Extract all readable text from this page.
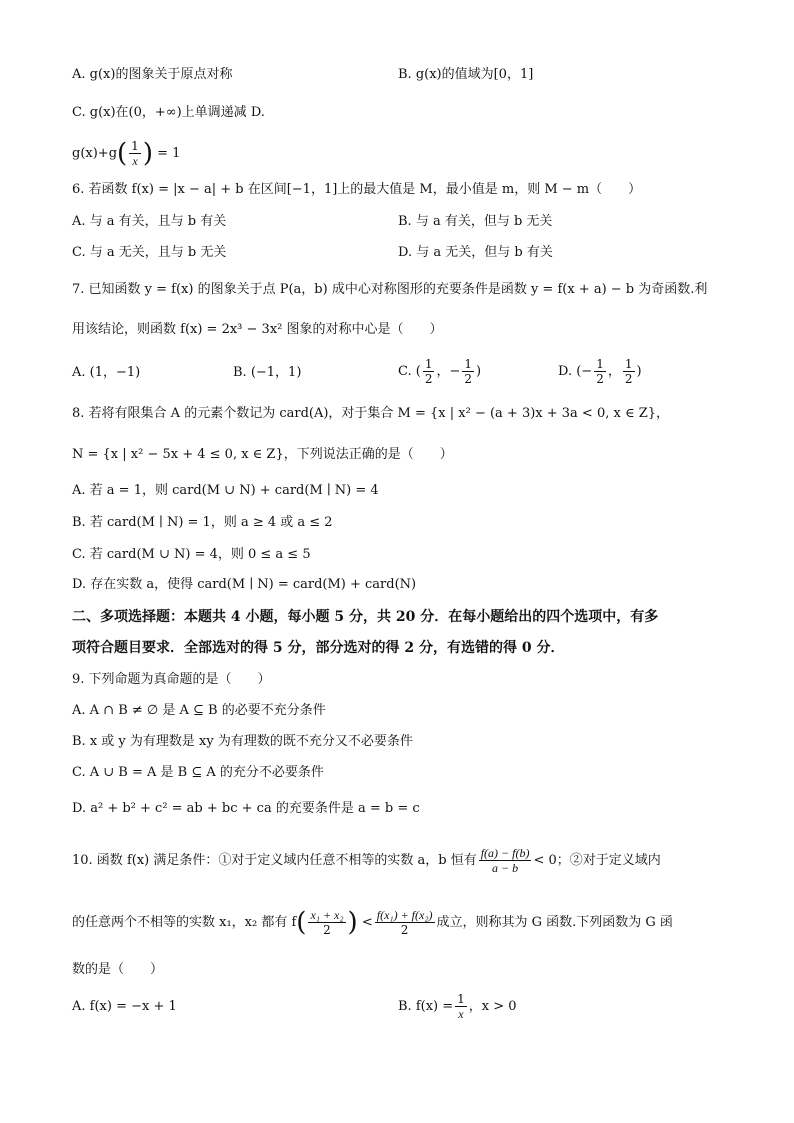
A. g(x)的图象关于原点对称	B. g(x)的值域为[0，1]
C. g(x)在(0，+∞)上单调递减 D.
$g(x)+g( \frac{1}{x}$ ) = 1
6. 若函数 f(x) = |x − a| + b 在区间[−1，1]上的最大值是 M，最小值是 m，则 M − m（　　）
A. 与 a 有关，且与 b 有关	B. 与 a 有关，但与 b 无关
C. 与 a 无关，且与 b 无关	D. 与 a 无关，但与 b 有关
7. 已知函数 y = f(x) 的图象关于点 P(a，b) 成中心对称图形的充要条件是函数 y = f(x + a) − b 为奇函数.利
用该结论，则函数 f(x) = 2x³ − 3x² 图象的对称中心是（　　）
A. (1，−1)	B. (−1，1)	C. ( $\frac{1}{2}$ ，− $\frac{1}{2}$ )	D. (− $\frac{1}{2}$ ， $\frac{1}{2}$ )
8. 若将有限集合 A 的元素个数记为 card(A)，对于集合 M = {x | x² − (a + 3)x + 3a < 0, x ∈ Z}，
N = {x | x² − 5x + 4 ≤ 0, x ∈ Z}，下列说法正确的是（　　）
A. 若 a = 1，则 card(M ∪ N) + card(M ∣ N) = 4
B. 若 card(M ∣ N) = 1，则 a ≥ 4 或 a ≤ 2
C. 若 card(M ∪ N) = 4，则 0 ≤ a ≤ 5
D. 存在实数 a，使得 card(M ∣ N) = card(M) + card(N)
二、多项选择题：本题共 4 小题，每小题 5 分，共 20 分．在每小题给出的四个选项中，有多
项符合题目要求．全部选对的得 5 分，部分选对的得 2 分，有选错的得 0 分．
9. 下列命题为真命题的是（　　）
A. A ∩ B ≠ ∅ 是 A ⊆ B 的必要不充分条件
B. x 或 y 为有理数是 xy 为有理数的既不充分又不必要条件
C. A ∪ B = A 是 B ⊆ A 的充分不必要条件
D. a² + b² + c² = ab + bc + ca 的充要条件是 a = b = c
10. 函数 f(x) 满足条件：①对于定义域内任意不相等的实数 a，b 恒有 $\frac{f(a) - f(b)}{a - b} < 0$；②对于定义域内
的任意两个不相等的实数 x₁，x₂ 都有 $f( \frac{\text{x₁ + x₂}}{2}$ ) < $\frac{\text{f(x₁) + f(x₂)}}{2}$ 成立，则称其为 G 函数.下列函数为 G 函
数的是（　　）
A. f(x) = −x + 1	B. $f(x) = \frac{1}{x}$ ，x > 0
